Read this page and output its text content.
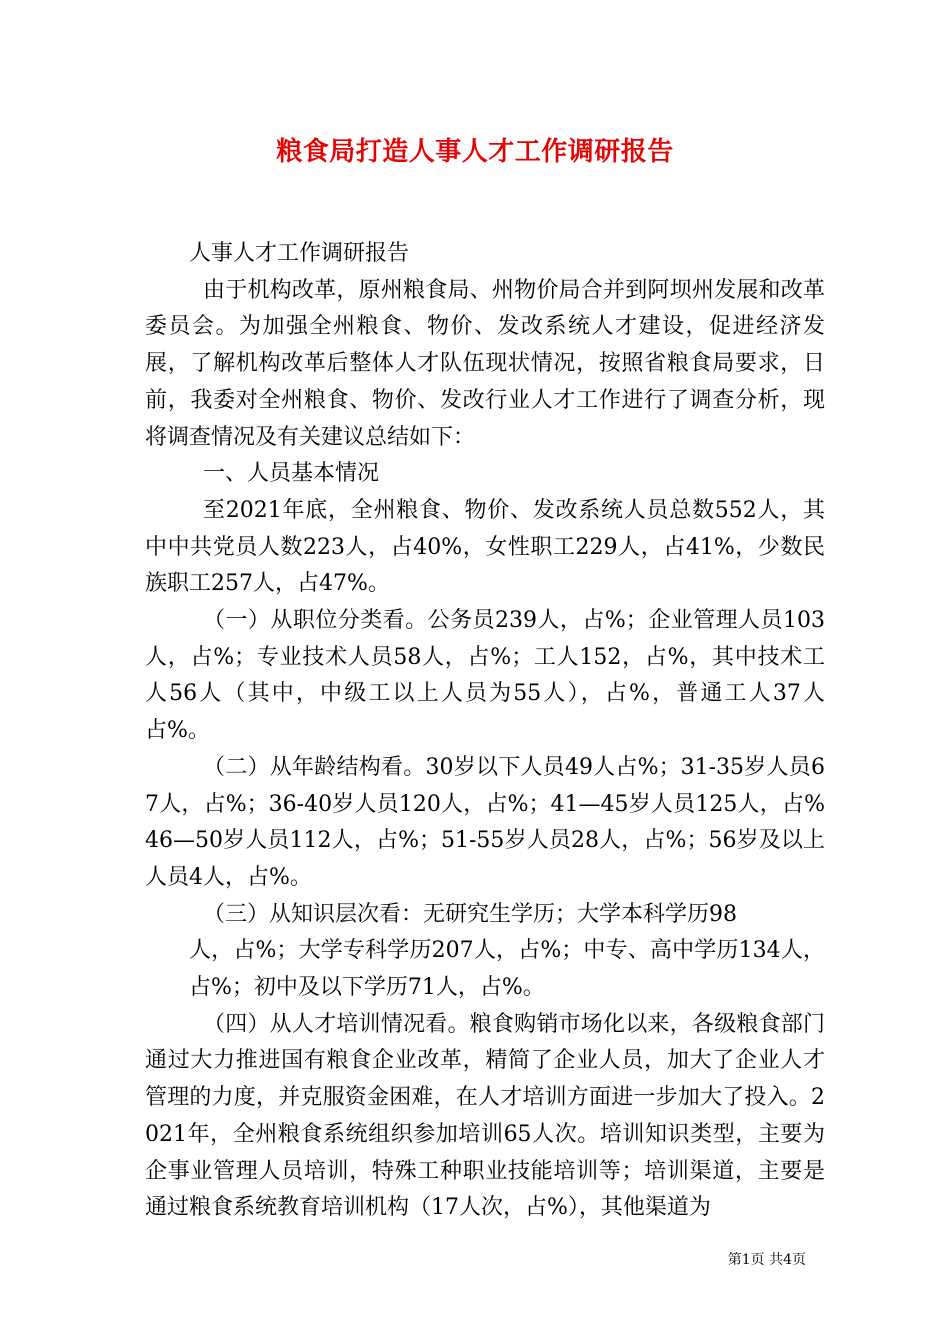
粮食局打造人事人才工作调研报告

人事人才工作调研报告

由于机构改革，原州粮食局、州物价局合并到阿坝州发展和改革委员会。为加强全州粮食、物价、发改系统人才建设，促进经济发展，了解机构改革后整体人才队伍现状情况，按照省粮食局要求，日前，我委对全州粮食、物价、发改行业人才工作进行了调查分析，现将调查情况及有关建议总结如下：

一、人员基本情况

至2021年底，全州粮食、物价、发改系统人员总数552人，其中中共党员人数223人，占40%，女性职工229人，占41%，少数民族职工257人，占47%。

（一）从职位分类看。公务员239人，占%；企业管理人员103人，占%；专业技术人员58人，占%；工人152，占%，其中技术工人56人（其中，中级工以上人员为55人），占%，普通工人37人占%。

（二）从年龄结构看。30岁以下人员49人占%；31-35岁人员67人，占%；36-40岁人员120人，占%；41—45岁人员125人，占%46—50岁人员112人，占%；51-55岁人员28人，占%；56岁及以上人员4人，占%。

（三）从知识层次看：无研究生学历；大学本科学历98

人，占%；大学专科学历207人，占%；中专、高中学历134人，占%；初中及以下学历71人，占%。

（四）从人才培训情况看。粮食购销市场化以来，各级粮食部门通过大力推进国有粮食企业改革，精简了企业人员，加大了企业人才管理的力度，并克服资金困难，在人才培训方面进一步加大了投入。2021年，全州粮食系统组织参加培训65人次。培训知识类型，主要为企事业管理人员培训，特殊工种职业技能培训等；培训渠道，主要是通过粮食系统教育培训机构（17人次，占%），其他渠道为

第1页 共4页
